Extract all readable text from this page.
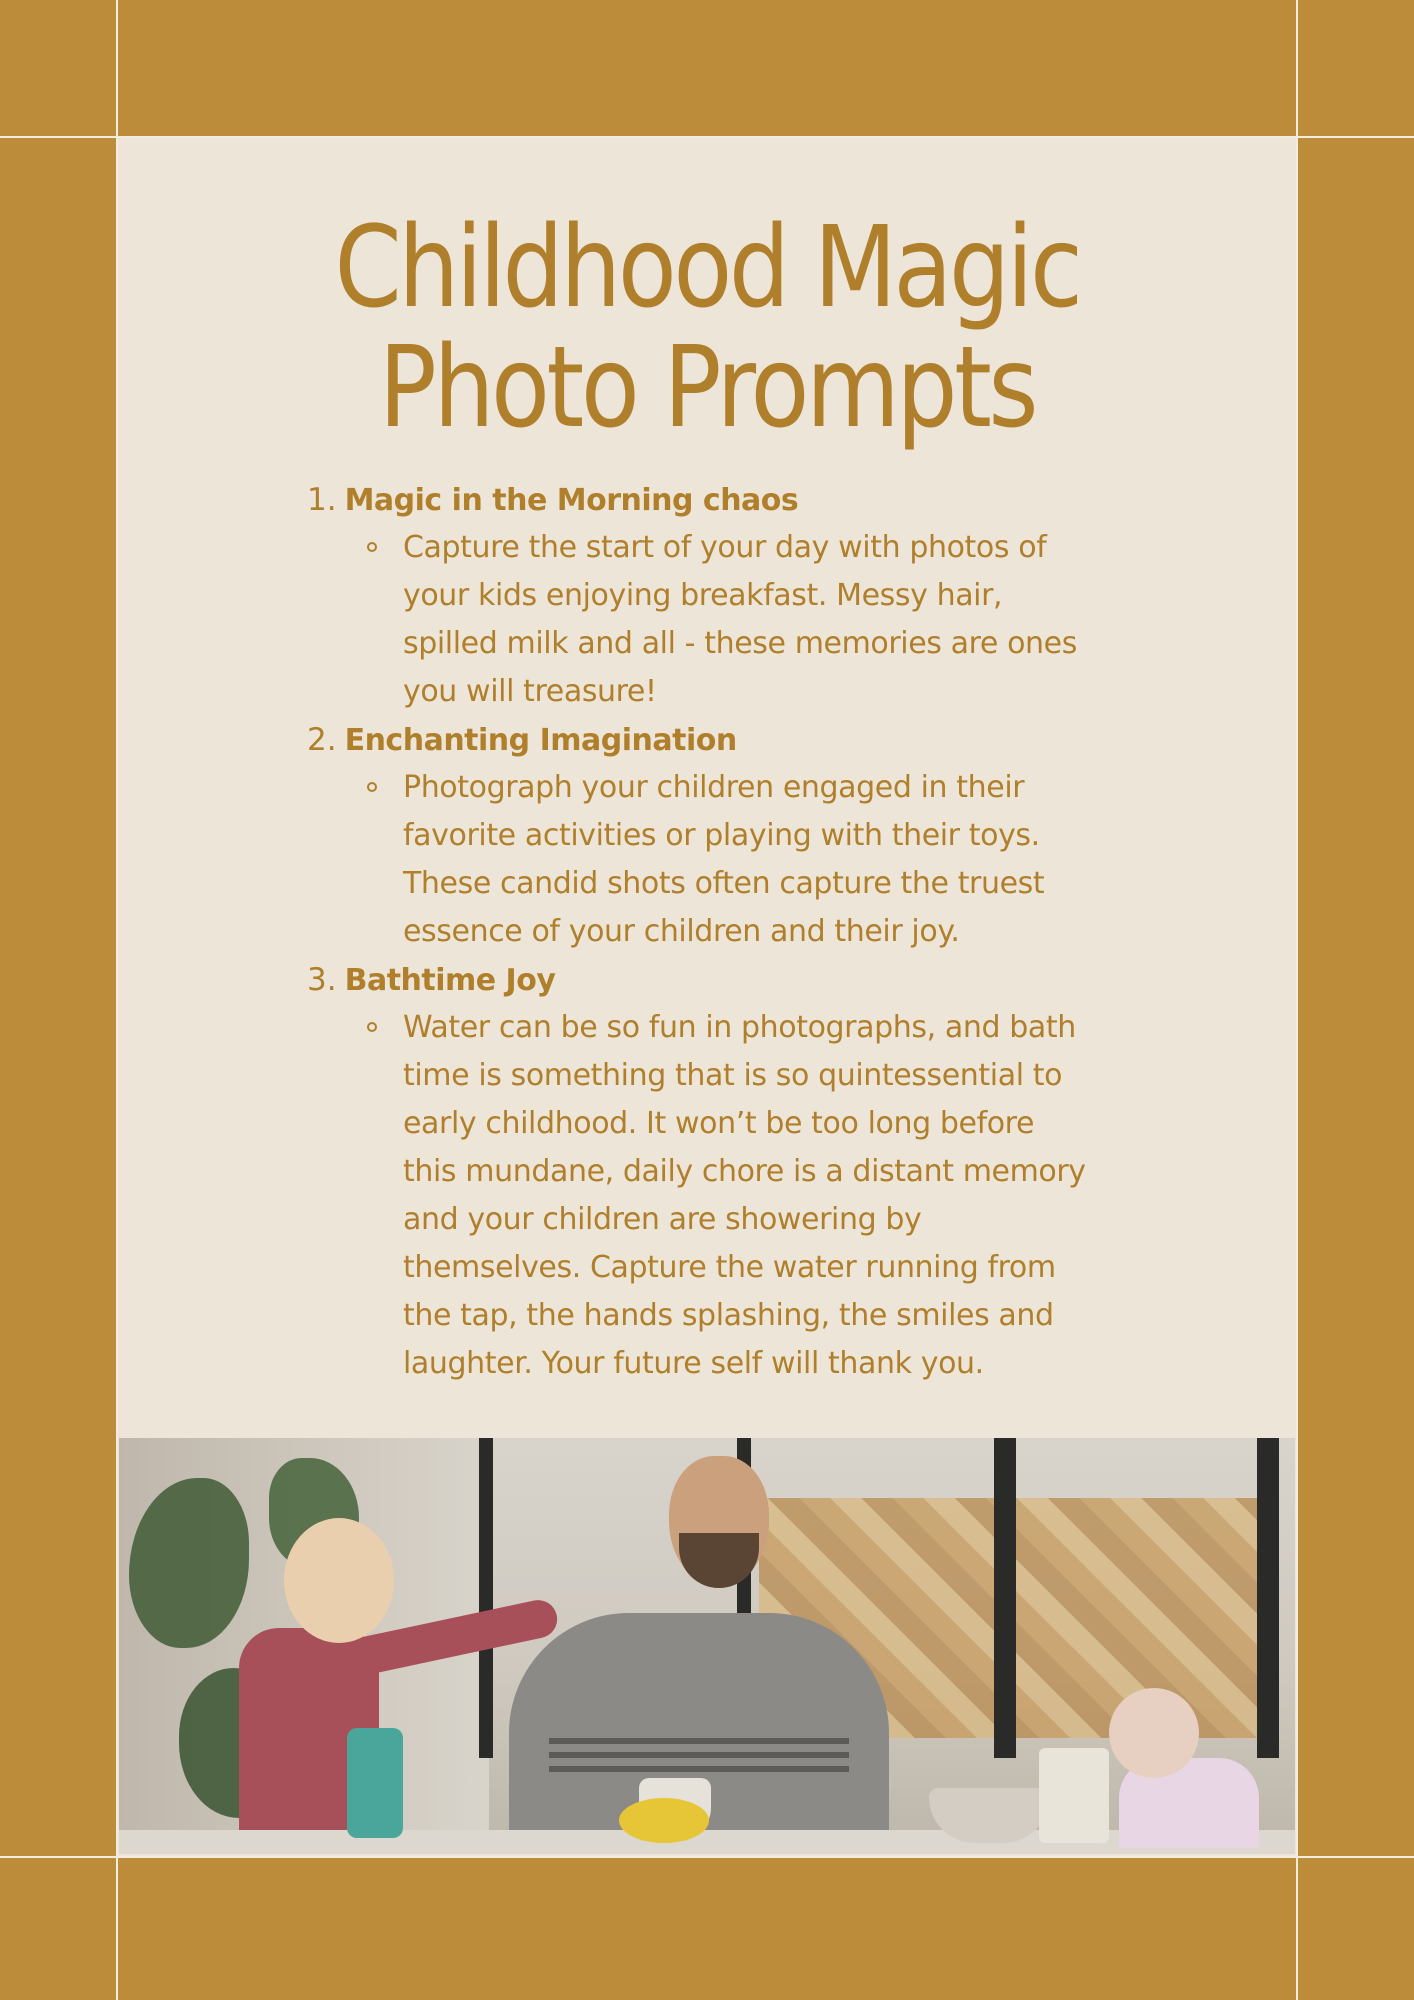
Childhood Magic
Photo Prompts
1. Magic in the Morning chaos
Capture the start of your day with photos of
your kids enjoying breakfast. Messy hair,
spilled milk and all - these memories are ones
you will treasure!
2. Enchanting Imagination
Photograph your children engaged in their
favorite activities or playing with their toys.
These candid shots often capture the truest
essence of your children and their joy.
3. Bathtime Joy
Water can be so fun in photographs, and bath
time is something that is so quintessential to
early childhood. It won’t be too long before
this mundane, daily chore is a distant memory
and your children are showering by
themselves. Capture the water running from
the tap, the hands splashing, the smiles and
laughter. Your future self will thank you.
